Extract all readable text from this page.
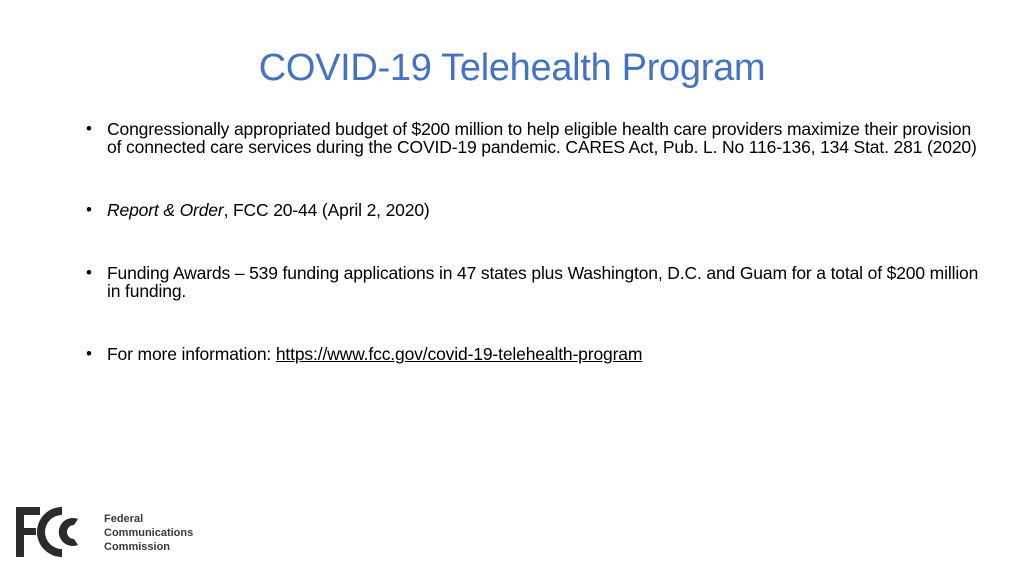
COVID-19 Telehealth Program
• Congressionally appropriated budget of $200 million to help eligible health care providers maximize their provision of connected care services during the COVID-19 pandemic. CARES Act, Pub. L. No 116-136, 134 Stat. 281 (2020)
• Report & Order, FCC 20-44 (April 2, 2020)
• Funding Awards – 539 funding applications in 47 states plus Washington, D.C. and Guam for a total of $200 million in funding.
• For more information: https://www.fcc.gov/covid-19-telehealth-program
Federal
Communications
Commission
